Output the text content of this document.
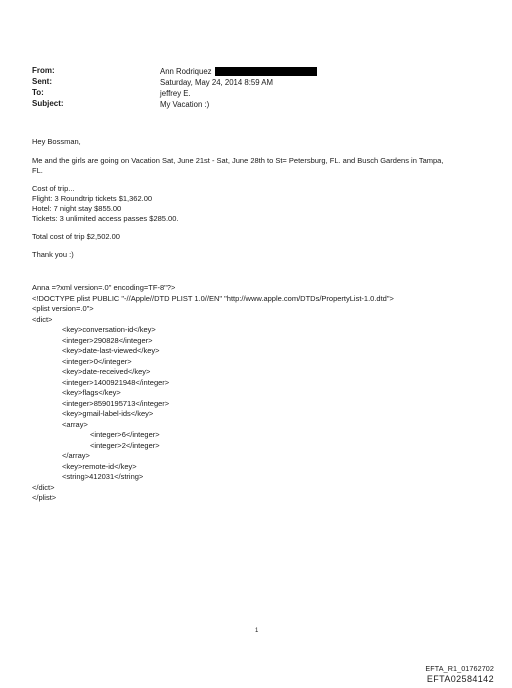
From:	Ann Rodriquez
Sent:	Saturday, May 24, 2014 8:59 AM
To:	jeffrey E.
Subject:	My Vacation :)
Hey Bossman,
Me and the girls are going on Vacation Sat, June 21st - Sat, June 28th to St= Petersburg, FL. and Busch Gardens in Tampa,
FL.
Cost of trip...
Flight: 3 Roundtrip tickets $1,362.00
Hotel: 7 night stay $855.00
Tickets: 3 unlimited access passes $285.00.
Total cost of trip $2,502.00
Thank you :)
Anna =?xml version=.0" encoding=TF-8"?>
<!DOCTYPE plist PUBLIC "-//Apple//DTD PLIST 1.0//EN" "http://www.apple.com/DTDs/PropertyList-1.0.dtd">
<plist version=.0">
<dict>
<key>conversation-id</key>
<integer>290828</integer>
<key>date-last-viewed</key>
<integer>0</integer>
<key>date-received</key>
<integer>1400921948</integer>
<key>flags</key>
<integer>8590195713</integer>
<key>gmail-label-ids</key>
<array>
<integer>6</integer>
<integer>2</integer>
</array>
<key>remote-id</key>
<string>412031</string>
</dict>
</plist>
1
EFTA_R1_01762702
EFTA02584142
